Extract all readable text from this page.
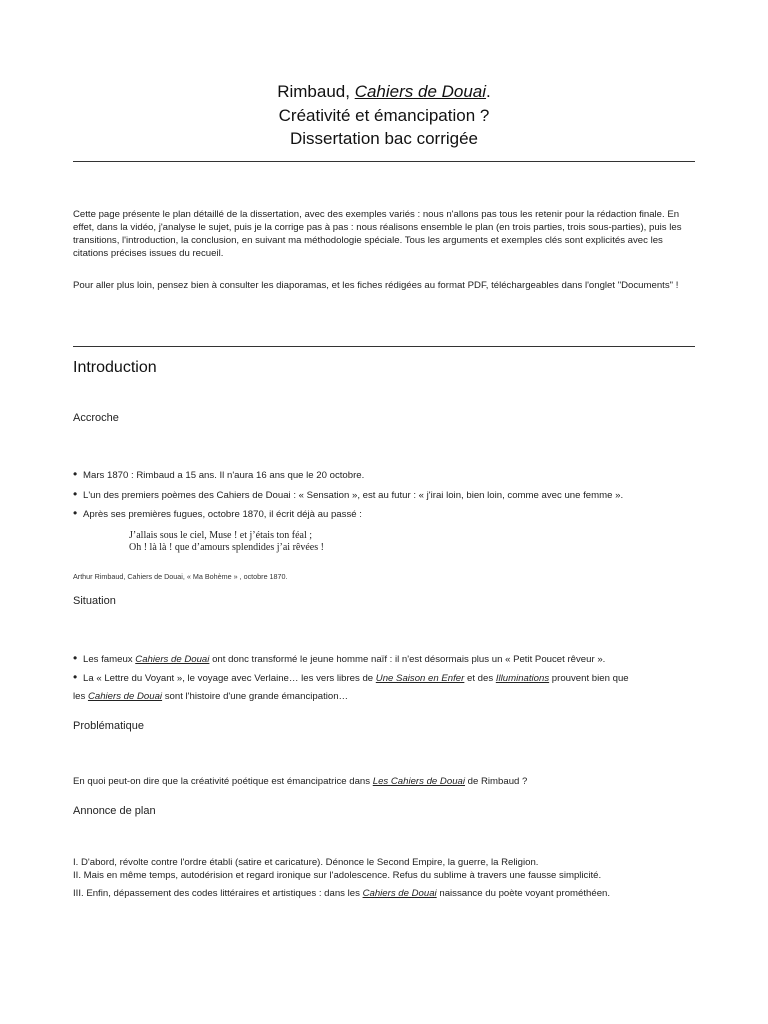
Rimbaud, Cahiers de Douai.
Créativité et émancipation ?
Dissertation bac corrigée

Cette page présente le plan détaillé de la dissertation, avec des exemples variés : nous n'allons pas tous les retenir pour la rédaction finale. En effet, dans la vidéo, j'analyse le sujet, puis je la corrige pas à pas : nous réalisons ensemble le plan (en trois parties, trois sous-parties), puis les transitions, l'introduction, la conclusion, en suivant ma méthodologie spéciale. Tous les arguments et exemples clés sont explicités avec les citations précises issues du recueil.

Pour aller plus loin, pensez bien à consulter les diaporamas, et les fiches rédigées au format PDF, téléchargeables dans l'onglet "Documents" !

Introduction
Accroche
• Mars 1870 : Rimbaud a 15 ans. Il n'aura 16 ans que le 20 octobre.
• L'un des premiers poèmes des Cahiers de Douai : « Sensation », est au futur : « j'irai loin, bien loin, comme avec une femme ».
• Après ses premières fugues, octobre 1870, il écrit déjà au passé :
J’allais sous le ciel, Muse ! et j’étais ton féal ;
Oh ! là là ! que d’amours splendides j’ai rêvées !
Arthur Rimbaud, Cahiers de Douai, « Ma Bohème » , octobre 1870.
Situation
• Les fameux Cahiers de Douai ont donc transformé le jeune homme naïf : il n'est désormais plus un « Petit Poucet rêveur ».
• La « Lettre du Voyant », le voyage avec Verlaine… les vers libres de Une Saison en Enfer et des Illuminations prouvent bien que
les Cahiers de Douai sont l'histoire d'une grande émancipation…
Problématique
En quoi peut-on dire que la créativité poétique est émancipatrice dans Les Cahiers de Douai de Rimbaud ?
Annonce de plan
I. D'abord, révolte contre l'ordre établi (satire et caricature). Dénonce le Second Empire, la guerre, la Religion.
II. Mais en même temps, autodérision et regard ironique sur l'adolescence. Refus du sublime à travers une fausse simplicité.
III. Enfin, dépassement des codes littéraires et artistiques : dans les Cahiers de Douai naissance du poète voyant prométhéen.
